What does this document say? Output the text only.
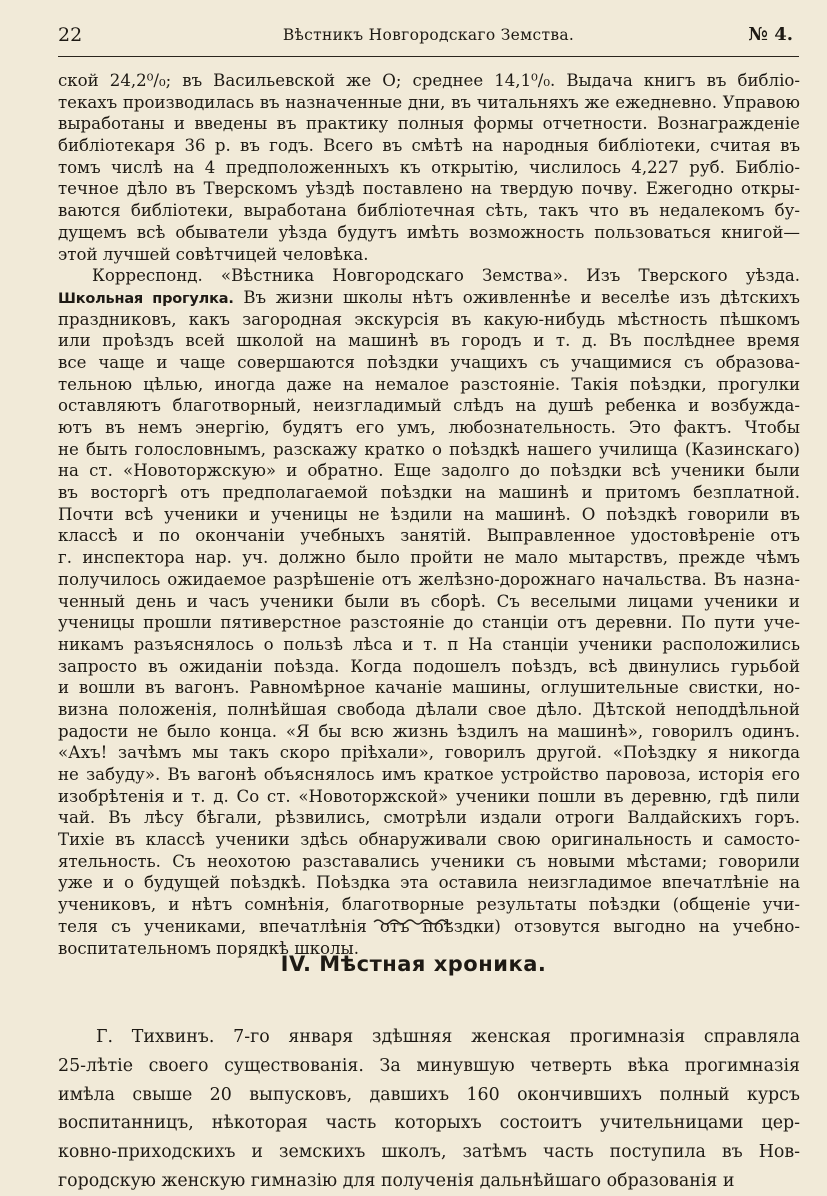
22	Вѣстникъ Новгородскаго Земства.	№ 4.
ской 24,2⁰/₀; въ Васильевской же О; среднее 14,1⁰/₀. Выдача книгъ въ библіо-
текахъ производилась въ назначенные дни, въ читальняхъ же ежедневно. Управою
выработаны и введены въ практику полныя формы отчетности. Вознагражденіе
библіотекаря 36 р. въ годъ. Всего въ смѣтѣ на народныя библіотеки, считая въ
томъ числѣ на 4 предположенныхъ къ открытію, числилось 4,227 руб. Библіо-
течное дѣло въ Тверскомъ уѣздѣ поставлено на твердую почву. Ежегодно откры-
ваются библіотеки, выработана библіотечная сѣть, такъ что въ недалекомъ бу-
дущемъ всѣ обыватели уѣзда будутъ имѣть возможность пользоваться книгой—
этой лучшей совѣтчицей человѣка.
Корреспонд. «Вѣстника Новгородскаго Земства». Изъ Тверского уѣзда.
Школьная прогулка. Въ жизни школы нѣтъ оживленнѣе и веселѣе изъ дѣтскихъ
праздниковъ, какъ загородная экскурсія въ какую-нибудь мѣстность пѣшкомъ
или проѣздъ всей школой на машинѣ въ городъ и т. д. Въ послѣднее время
все чаще и чаще совершаются поѣздки учащихъ съ учащимися съ образова-
тельною цѣлью, иногда даже на немалое разстояніе. Такія поѣздки, прогулки
оставляютъ благотворный, неизгладимый слѣдъ на душѣ ребенка и возбуждa-
ютъ въ немъ энергію, будятъ его умъ, любознательность. Это фактъ. Чтобы
не быть голословнымъ, разскажу кратко о поѣздкѣ нашего училища (Казинскаго)
на ст. «Новоторжскую» и обратно. Еще задолго до поѣздки всѣ ученики были
въ восторгѣ отъ предполагаемой поѣздки на машинѣ и притомъ безплатной.
Почти всѣ ученики и ученицы не ѣздили на машинѣ. О поѣздкѣ говорили въ
классѣ и по окончаніи учебныхъ занятій. Выправленное удостовѣреніе отъ
г. инспектора нар. уч. должно было пройти не мало мытарствъ, прежде чѣмъ
получилось ожидаемое разрѣшеніе отъ желѣзно-дорожнаго начальства. Въ назна-
ченный день и часъ ученики были въ сборѣ. Съ веселыми лицами ученики и
ученицы прошли пятиверстное разстояніе до станціи отъ деревни. По пути уче-
никамъ разъяснялось о пользѣ лѣса и т. п На станціи ученики расположились
запросто въ ожиданіи поѣзда. Когда подошелъ поѣздъ, всѣ двинулись гурьбой
и вошли въ вагонъ. Равномѣрное качаніе машины, оглушительные свистки, но-
визна положенія, полнѣйшая свобода дѣлали свое дѣло. Дѣтской неподдѣльной
радости не было конца. «Я бы всю жизнь ѣздилъ на машинѣ», говорилъ одинъ.
«Ахъ! зачѣмъ мы такъ скоро пріѣхали», говорилъ другой. «Поѣздку я никогда
не забуду». Въ вагонѣ объяснялось имъ краткое устройство паровоза, исторія его
изобрѣтенія и т. д. Со ст. «Новоторжской» ученики пошли въ деревню, гдѣ пили
чай. Въ лѣсу бѣгали, рѣзвились, смотрѣли издали отроги Валдайскихъ горъ.
Тихіе въ классѣ ученики здѣсь обнаруживали свою оригинальность и самосто-
ятельность. Съ неохотою разставались ученики съ новыми мѣстами; говорили
уже и о будущей поѣздкѣ. Поѣздка эта оставила неизгладимое впечатлѣніе на
учениковъ, и нѣтъ сомнѣнія, благотворные результаты поѣздки (общеніе учи-
теля съ учениками, впечатлѣнія отъ поѣздки) отзовутся выгодно на учебно-
воспитательномъ порядкѣ школы.
IV. Мѣстная хроника.
Г. Тихвинъ. 7-го января здѣшняя женская прогимназія справляла
25-лѣтіе своего существованія. За минувшую четверть вѣка прогимназія
имѣла свыше 20 выпусковъ, давшихъ 160 окончившихъ полный курсъ
воспитанницъ, нѣкоторая часть которыхъ состоитъ учительницами цер-
ковно-приходскихъ и земскихъ школъ, затѣмъ часть поступила въ Нов-
городскую женскую гимназію для полученія дальнѣйшаго образованія и
